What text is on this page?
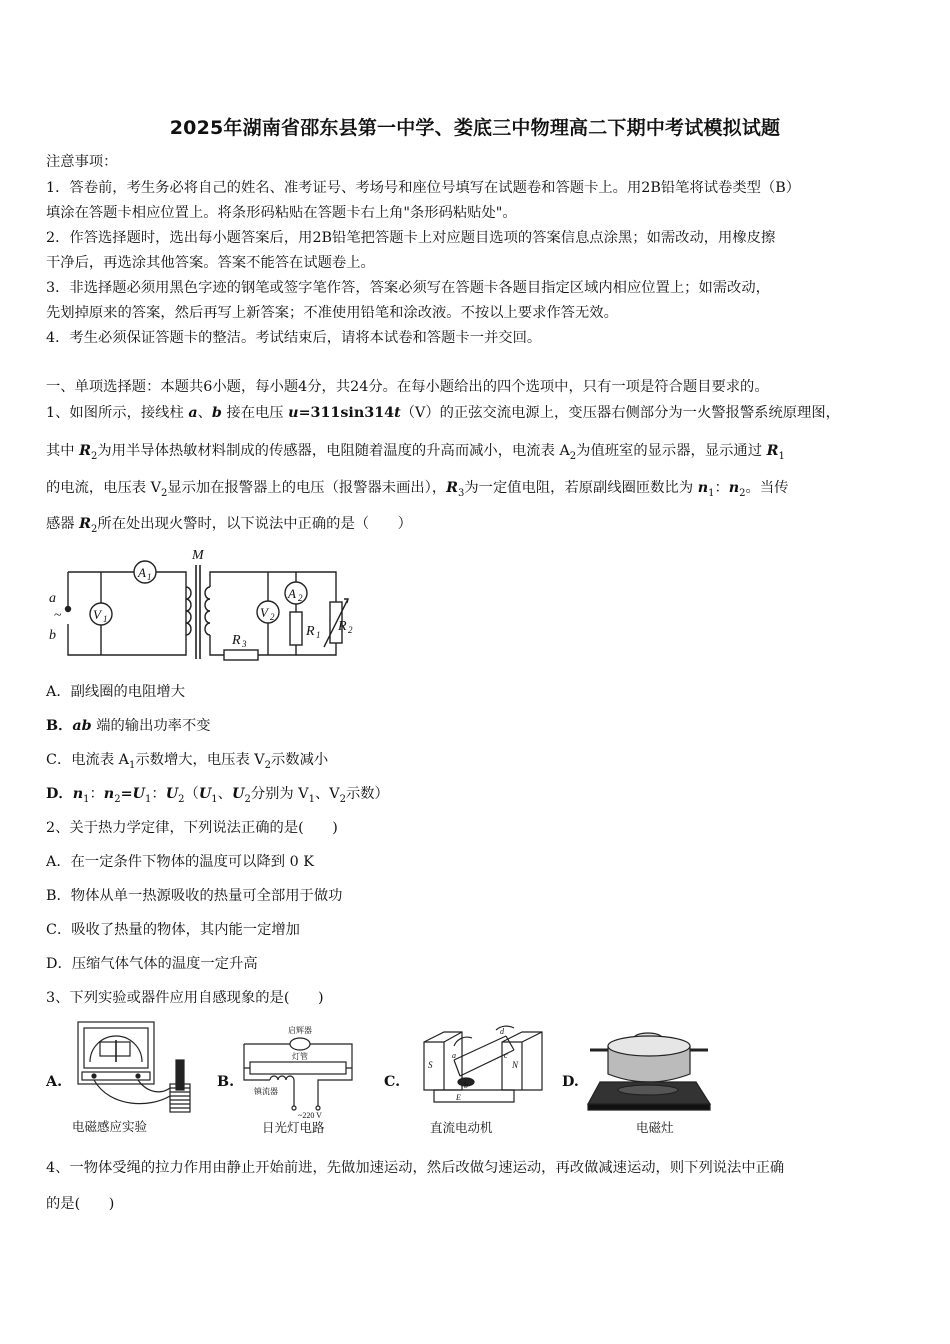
2025年湖南省邵东县第一中学、娄底三中物理高二下期中考试模拟试题
注意事项：
1．答卷前，考生务必将自己的姓名、准考证号、考场号和座位号填写在试题卷和答题卡上。用2B铅笔将试卷类型（B）
填涂在答题卡相应位置上。将条形码粘贴在答题卡右上角"条形码粘贴处"。
2．作答选择题时，选出每小题答案后，用2B铅笔把答题卡上对应题目选项的答案信息点涂黑；如需改动，用橡皮擦
干净后，再选涂其他答案。答案不能答在试题卷上。
3．非选择题必须用黑色字迹的钢笔或签字笔作答，答案必须写在答题卡各题目指定区域内相应位置上；如需改动，
先划掉原来的答案，然后再写上新答案；不准使用铅笔和涂改液。不按以上要求作答无效。
4．考生必须保证答题卡的整洁。考试结束后，请将本试卷和答题卡一并交回。
一、单项选择题：本题共6小题，每小题4分，共24分。在每小题给出的四个选项中，只有一项是符合题目要求的。
1、如图所示，接线柱 a、b 接在电压 u=311sin314t（V）的正弦交流电源上，变压器右侧部分为一火警报警系统原理图，
其中 $R_2$为用半导体热敏材料制成的传感器，电阻随着温度的升高而减小，电流表 $A_2$为值班室的显示器，显示通过 $R_1$
的电流，电压表 $V_2$显示加在报警器上的电压（报警器未画出），$R_3$为一定值电阻，若原副线圈匝数比为 $n_1$：$n_2$。当传
感器 $R_2$所在处出现火警时，以下说法中正确的是（　　）
A 1
V 1
a
~
b
M
R 3
V 2
A 2
R 1
R 2
A．副线圈的电阻增大
B．ab 端的输出功率不变
C．电流表 $A_1$示数增大，电压表 $V_2$示数减小
D．$n_1$：$n_2=U_1$：$U_2(U_1$、$U_2$分别为 $V_1$、$V_2$示数）
2、关于热力学定律，下列说法正确的是(　　)
A．在一定条件下物体的温度可以降到 0 K
B．物体从单一热源吸收的热量可全部用于做功
C．吸收了热量的物体，其内能一定增加
D．压缩气体气体的温度一定升高
3、下列实验或器件应用自感现象的是(　　)
A.
电磁感应实验
B.
启辉器
灯管
镇流器
~220 V
日光灯电路
C.
S	N
E
a
b
c
d
直流电动机
D.
电磁灶
4、一物体受绳的拉力作用由静止开始前进，先做加速运动，然后改做匀速运动，再改做减速运动，则下列说法中正确
的是(　　)
